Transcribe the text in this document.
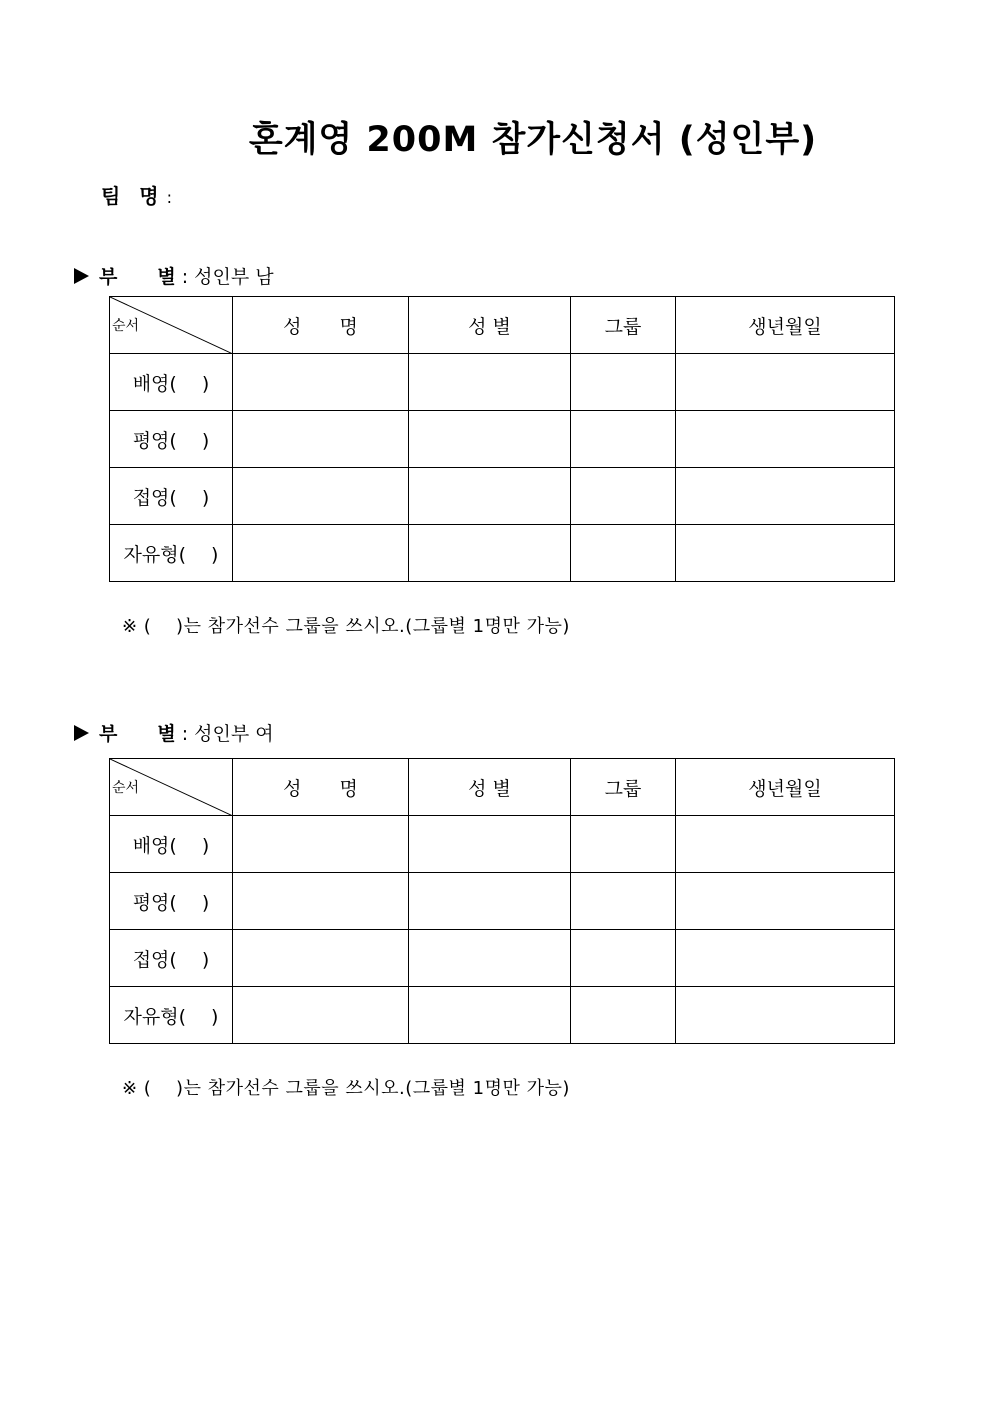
혼계영 200M 참가신청서 (성인부)
팀 명 :
부 별 : 성인부 남
순서	성　　명	성 별	그룹	생년월일
배영(　 )				
평영(　 )				
접영(　 )				
자유형(　 )				
※ (　 )는 참가선수 그룹을 쓰시오.(그룹별 1명만 가능)
부 별 : 성인부 여
순서	성　　명	성 별	그룹	생년월일
배영(　 )				
평영(　 )				
접영(　 )				
자유형(　 )				
※ (　 )는 참가선수 그룹을 쓰시오.(그룹별 1명만 가능)
